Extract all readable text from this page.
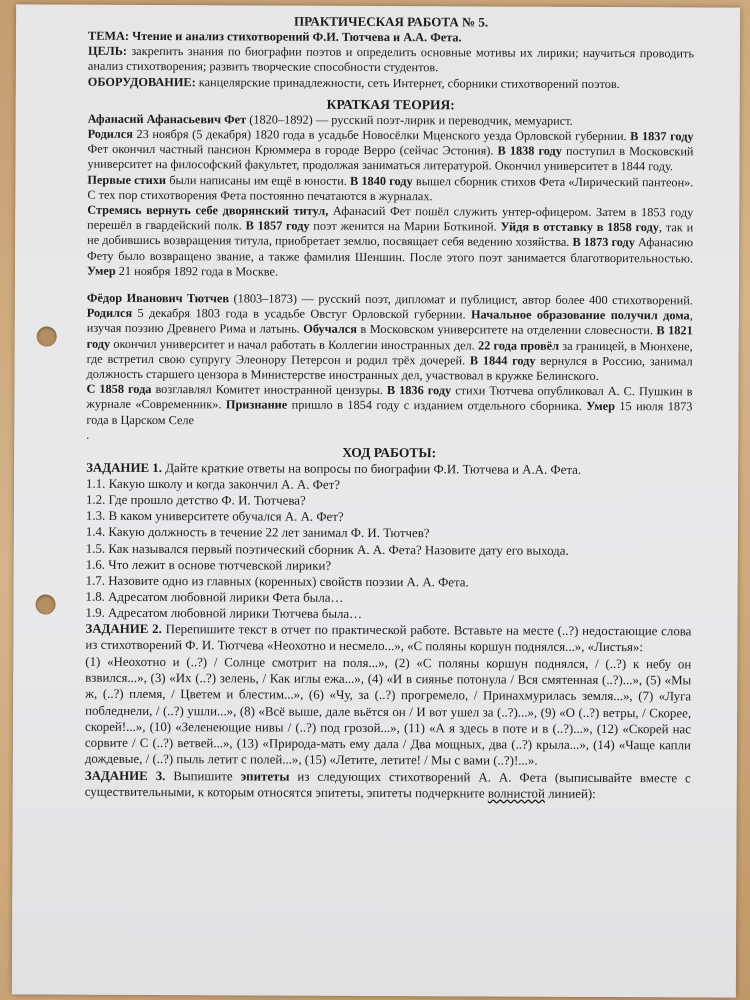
ПРАКТИЧЕСКАЯ РАБОТА № 5.

ТЕМА: Чтение и анализ стихотворений Ф.И. Тютчева и А.А. Фета.

ЦЕЛЬ: закрепить знания по биографии поэтов и определить основные мотивы их лирики; научиться проводить анализ стихотворения; развить творческие способности студентов.

ОБОРУДОВАНИЕ: канцелярские принадлежности, сеть Интернет, сборники стихотворений поэтов.

КРАТКАЯ ТЕОРИЯ:

Афанасий Афанасьевич Фет (1820–1892) — русский поэт-лирик и переводчик, мемуарист.

Родился 23 ноября (5 декабря) 1820 года в усадьбе Новосёлки Мценского уезда Орловской губернии. В 1837 году Фет окончил частный пансион Крюммера в городе Верро (сейчас Эстония). В 1838 году поступил в Московский университет на философский факультет, продолжая заниматься литературой. Окончил университет в 1844 году.

Первые стихи были написаны им ещё в юности. В 1840 году вышел сборник стихов Фета «Лирический пантеон». С тех пор стихотворения Фета постоянно печатаются в журналах.

Стремясь вернуть себе дворянский титул, Афанасий Фет пошёл служить унтер-офицером. Затем в 1853 году перешёл в гвардейский полк. В 1857 году поэт женится на Марии Боткиной. Уйдя в отставку в 1858 году, так и не добившись возвращения титула, приобретает землю, посвящает себя ведению хозяйства. В 1873 году Афанасию Фету было возвращено звание, а также фамилия Шеншин. После этого поэт занимается благотворительностью. Умер 21 ноября 1892 года в Москве.

Фёдор Иванович Тютчев (1803–1873) — русский поэт, дипломат и публицист, автор более 400 стихотворений. Родился 5 декабря 1803 года в усадьбе Овстуг Орловской губернии. Начальное образование получил дома, изучая поэзию Древнего Рима и латынь. Обучался в Московском университете на отделении словесности. В 1821 году окончил университет и начал работать в Коллегии иностранных дел. 22 года провёл за границей, в Мюнхене, где встретил свою супругу Элеонору Петерсон и родил трёх дочерей. В 1844 году вернулся в Россию, занимал должность старшего цензора в Министерстве иностранных дел, участвовал в кружке Белинского.

С 1858 года возглавлял Комитет иностранной цензуры. В 1836 году стихи Тютчева опубликовал А. С. Пушкин в журнале «Современник». Признание пришло в 1854 году с изданием отдельного сборника. Умер 15 июля 1873 года в Царском Селе

.

ХОД РАБОТЫ:

ЗАДАНИЕ 1. Дайте краткие ответы на вопросы по биографии Ф.И. Тютчева и А.А. Фета.

1.1. Какую школу и когда закончил А. А. Фет?

1.2. Где прошло детство Ф. И. Тютчева?

1.3. В каком университете обучался А. А. Фет?

1.4. Какую должность в течение 22 лет занимал Ф. И. Тютчев?

1.5. Как назывался первый поэтический сборник А. А. Фета? Назовите дату его выхода.

1.6. Что лежит в основе тютчевской лирики?

1.7. Назовите одно из главных (коренных) свойств поэзии А. А. Фета.

1.8. Адресатом любовной лирики Фета была…

1.9. Адресатом любовной лирики Тютчева была…

ЗАДАНИЕ 2. Перепишите текст в отчет по практической работе. Вставьте на месте (..?) недостающие слова из стихотворений Ф. И. Тютчева «Неохотно и несмело...», «С поляны коршун поднялся...», «Листья»:

(1) «Неохотно и (..?) / Солнце смотрит на поля...», (2) «С поляны коршун поднялся, / (..?) к небу он взвился...», (3) «Их (..?) зелень, / Как иглы ежа...», (4) «И в сиянье потонула / Вся смятенная (..?)...», (5) «Мы ж, (..?) племя, / Цветем и блестим...», (6) «Чу, за (..?) прогремело, / Принахмурилась земля...», (7) «Луга побледнели, / (..?) ушли...», (8) «Всё выше, дале вьётся он / И вот ушел за (..?)...», (9) «О (..?) ветры, / Скорее, скорей!...», (10) «Зеленеющие нивы / (..?) под грозой...», (11) «А я здесь в поте и в (..?)...», (12) «Скорей нас сорвите / С (..?) ветвей...», (13) «Природа-мать ему дала / Два мощных, два (..?) крыла...», (14) «Чаще капли дождевые, / (..?) пыль летит с полей...», (15) «Летите, летите! / Мы с вами (..?)!...».

ЗАДАНИЕ 3. Выпишите эпитеты из следующих стихотворений А. А. Фета (выписывайте вместе с существительными, к которым относятся эпитеты, эпитеты подчеркните волнистой линией):
